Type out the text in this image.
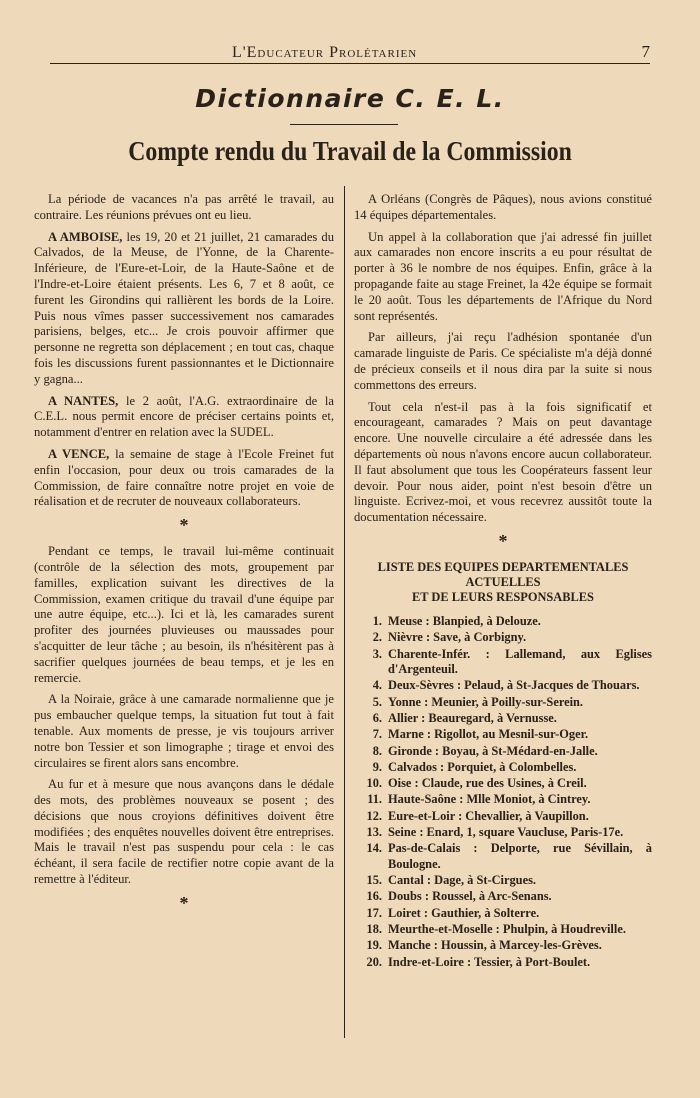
L'Educateur Prolétarien	7
Dictionnaire C. E. L.
Compte rendu du Travail de la Commission

La période de vacances n'a pas arrêté le travail, au contraire. Les réunions prévues ont eu lieu.

A AMBOISE, les 19, 20 et 21 juillet, 21 camarades du Calvados, de la Meuse, de l'Yonne, de la Charente-Inférieure, de l'Eure-et-Loir, de la Haute-Saône et de l'Indre-et-Loire étaient présents. Les 6, 7 et 8 août, ce furent les Girondins qui rallièrent les bords de la Loire. Puis nous vîmes passer successivement nos camarades parisiens, belges, etc... Je crois pouvoir affirmer que personne ne regretta son déplacement ; en tout cas, chaque fois les discussions furent passionnantes et le Dictionnaire y gagna...

A NANTES, le 2 août, l'A.G. extraordinaire de la C.E.L. nous permit encore de préciser certains points et, notamment d'entrer en relation avec la SUDEL.

A VENCE, la semaine de stage à l'Ecole Freinet fut enfin l'occasion, pour deux ou trois camarades de la Commission, de faire connaître notre projet en voie de réalisation et de recruter de nouveaux collaborateurs.

*

Pendant ce temps, le travail lui-même continuait (contrôle de la sélection des mots, groupement par familles, explication suivant les directives de la Commission, examen critique du travail d'une équipe par une autre équipe, etc...). Ici et là, les camarades surent profiter des journées pluvieuses ou maussades pour s'acquitter de leur tâche ; au besoin, ils n'hésitèrent pas à sacrifier quelques journées de beau temps, et je les en remercie.

A la Noiraie, grâce à une camarade normalienne que je pus embaucher quelque temps, la situation fut tout à fait tenable. Aux moments de presse, je vis toujours arriver notre bon Tessier et son limographe ; tirage et envoi des circulaires se firent alors sans encombre.

Au fur et à mesure que nous avançons dans le dédale des mots, des problèmes nouveaux se posent ; des décisions que nous croyions définitives doivent être modifiées ; des enquêtes nouvelles doivent être entreprises. Mais le travail n'est pas suspendu pour cela : le cas échéant, il sera facile de rectifier notre copie avant de la remettre à l'éditeur.

*

A Orléans (Congrès de Pâques), nous avions constitué 14 équipes départementales.

Un appel à la collaboration que j'ai adressé fin juillet aux camarades non encore inscrits a eu pour résultat de porter à 36 le nombre de nos équipes. Enfin, grâce à la propagande faite au stage Freinet, la 42e équipe se formait le 20 août. Tous les départements de l'Afrique du Nord sont représentés.

Par ailleurs, j'ai reçu l'adhésion spontanée d'un camarade linguiste de Paris. Ce spécialiste m'a déjà donné de précieux conseils et il nous dira par la suite si nous commettons des erreurs.

Tout cela n'est-il pas à la fois significatif et encourageant, camarades ? Mais on peut davantage encore. Une nouvelle circulaire a été adressée dans les départements où nous n'avons encore aucun collaborateur. Il faut absolument que tous les Coopérateurs fassent leur devoir. Pour nous aider, point n'est besoin d'être un linguiste. Ecrivez-moi, et vous recevrez aussitôt toute la documentation nécessaire.

*
LISTE DES EQUIPES DEPARTEMENTALES
ACTUELLES
ET DE LEURS RESPONSABLES
1. Meuse : Blanpied, à Delouze.
2. Nièvre : Save, à Corbigny.
3. Charente-Infér. : Lallemand, aux Eglises d'Argenteuil.
4. Deux-Sèvres : Pelaud, à St-Jacques de Thouars.
5. Yonne : Meunier, à Poilly-sur-Serein.
6. Allier : Beauregard, à Vernusse.
7. Marne : Rigollot, au Mesnil-sur-Oger.
8. Gironde : Boyau, à St-Médard-en-Jalle.
9. Calvados : Porquiet, à Colombelles.
10. Oise : Claude, rue des Usines, à Creil.
11. Haute-Saône : Mlle Moniot, à Cintrey.
12. Eure-et-Loir : Chevallier, à Vaupillon.
13. Seine : Enard, 1, square Vaucluse, Paris-17e.
14. Pas-de-Calais : Delporte, rue Sévillain, à Boulogne.
15. Cantal : Dage, à St-Cirgues.
16. Doubs : Roussel, à Arc-Senans.
17. Loiret : Gauthier, à Solterre.
18. Meurthe-et-Moselle : Phulpin, à Houdreville.
19. Manche : Houssin, à Marcey-les-Grèves.
20. Indre-et-Loire : Tessier, à Port-Boulet.
